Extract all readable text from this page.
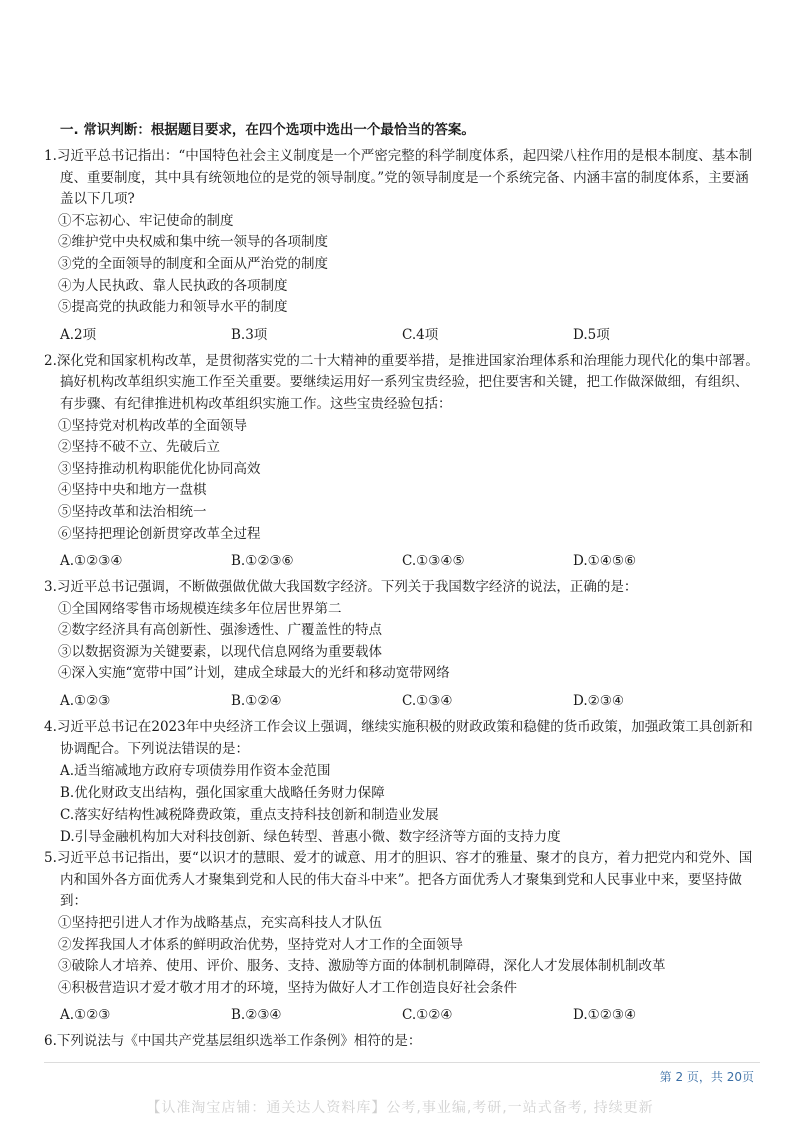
一. 常识判断：根据题目要求，在四个选项中选出一个最恰当的答案。

1.习近平总书记指出：“中国特色社会主义制度是一个严密完整的科学制度体系，起四梁八柱作用的是根本制度、基本制度、重要制度，其中具有统领地位的是党的领导制度。”党的领导制度是一个系统完备、内涵丰富的制度体系，主要涵盖以下几项?

①不忘初心、牢记使命的制度
②维护党中央权威和集中统一领导的各项制度
③党的全面领导的制度和全面从严治党的制度
④为人民执政、靠人民执政的各项制度
⑤提高党的执政能力和领导水平的制度
A.2项	B.3项	C.4项	D.5项

2.深化党和国家机构改革，是贯彻落实党的二十大精神的重要举措，是推进国家治理体系和治理能力现代化的集中部署。搞好机构改革组织实施工作至关重要。要继续运用好一系列宝贵经验，把住要害和关键，把工作做深做细，有组织、有步骤、有纪律推进机构改革组织实施工作。这些宝贵经验包括：

①坚持党对机构改革的全面领导
②坚持不破不立、先破后立
③坚持推动机构职能优化协同高效
④坚持中央和地方一盘棋
⑤坚持改革和法治相统一
⑥坚持把理论创新贯穿改革全过程
A.①②③④	B.①②③⑥	C.①③④⑤	D.①④⑤⑥

3.习近平总书记强调，不断做强做优做大我国数字经济。下列关于我国数字经济的说法，正确的是：

①全国网络零售市场规模连续多年位居世界第二
②数字经济具有高创新性、强渗透性、广覆盖性的特点
③以数据资源为关键要素，以现代信息网络为重要载体
④深入实施“宽带中国”计划，建成全球最大的光纤和移动宽带网络
A.①②③	B.①②④	C.①③④	D.②③④

4.习近平总书记在2023年中央经济工作会议上强调，继续实施积极的财政政策和稳健的货币政策，加强政策工具创新和协调配合。下列说法错误的是：

A.适当缩减地方政府专项债券用作资本金范围
B.优化财政支出结构，强化国家重大战略任务财力保障
C.落实好结构性减税降费政策，重点支持科技创新和制造业发展
D.引导金融机构加大对科技创新、绿色转型、普惠小微、数字经济等方面的支持力度

5.习近平总书记指出，要“以识才的慧眼、爱才的诚意、用才的胆识、容才的雅量、聚才的良方，着力把党内和党外、国内和国外各方面优秀人才聚集到党和人民的伟大奋斗中来”。把各方面优秀人才聚集到党和人民事业中来，要坚持做到：

①坚持把引进人才作为战略基点，充实高科技人才队伍
②发挥我国人才体系的鲜明政治优势，坚持党对人才工作的全面领导
③破除人才培养、使用、评价、服务、支持、激励等方面的体制机制障碍，深化人才发展体制机制改革
④积极营造识才爱才敬才用才的环境，坚持为做好人才工作创造良好社会条件
A.①②③	B.②③④	C.①②④	D.①②③④

6.下列说法与《中国共产党基层组织选举工作条例》相符的是：

第 2 页，共 20页
【认准淘宝店铺：通关达人资料库】公考,事业编,考研,一站式备考, 持续更新
